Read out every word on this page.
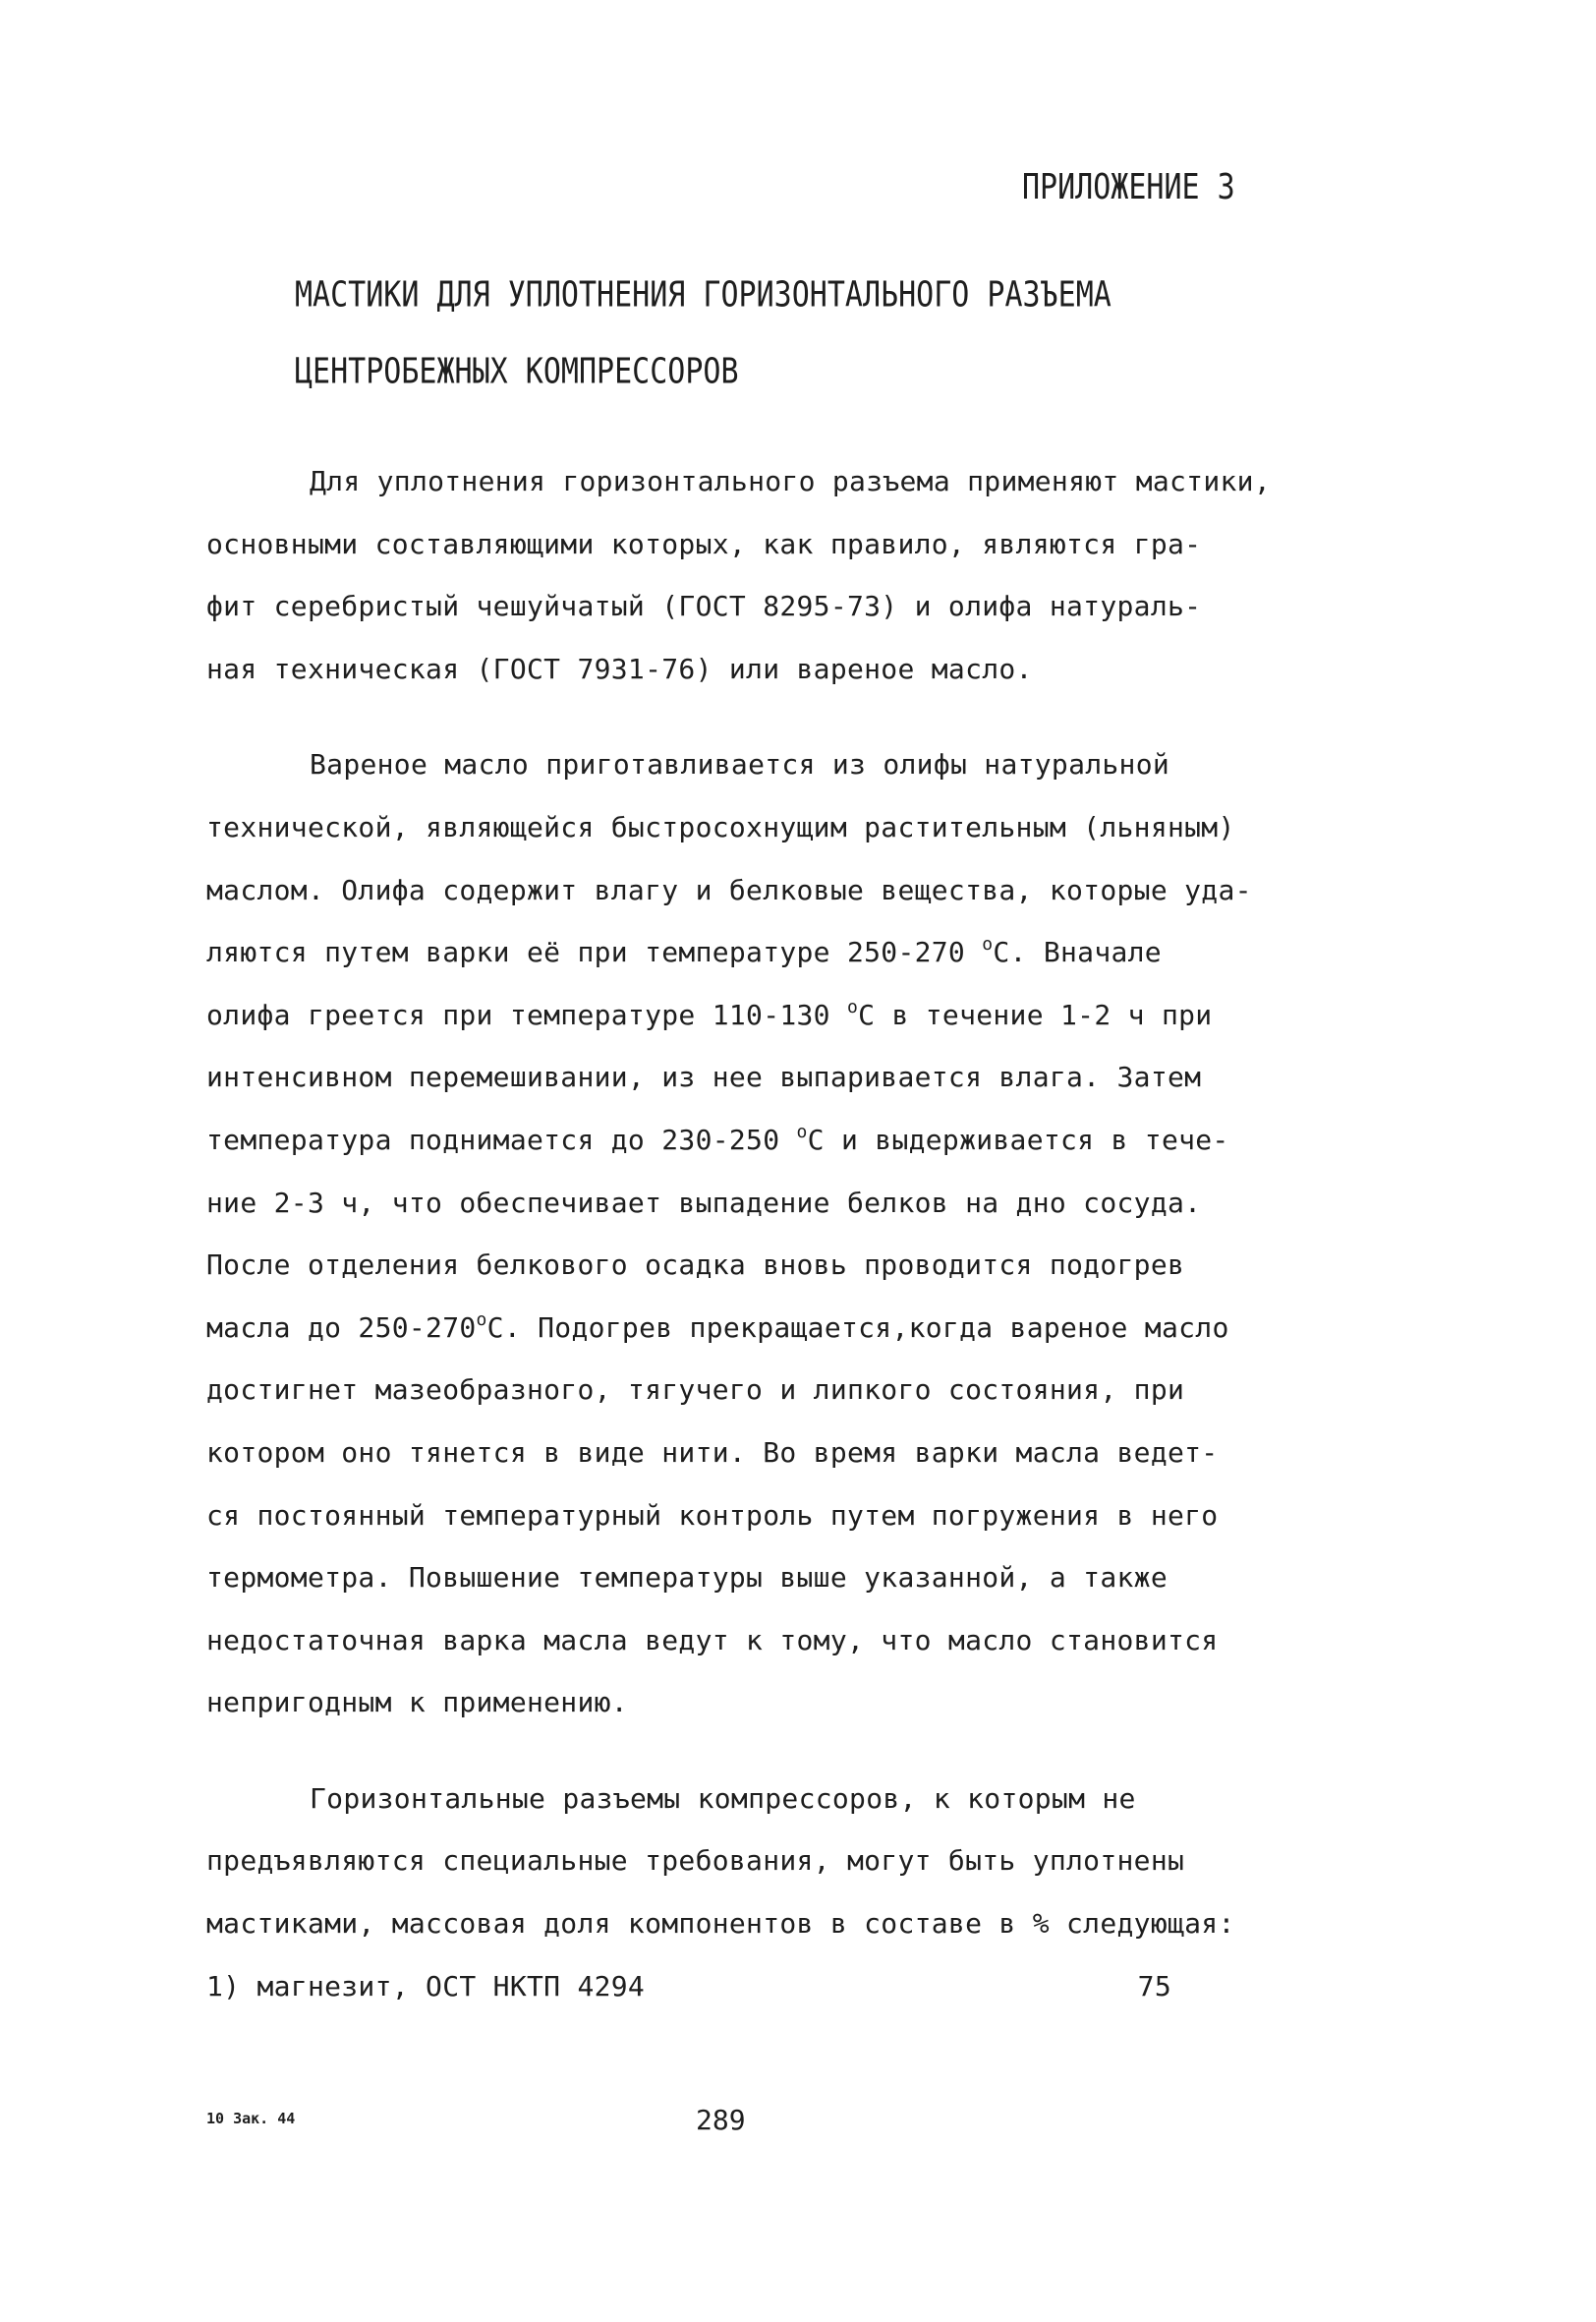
ПРИЛОЖЕНИЕ 3
МАСТИКИ ДЛЯ УПЛОТНЕНИЯ ГОРИЗОНТАЛЬНОГО РАЗЪЕМА
ЦЕНТРОБЕЖНЫХ КОМПРЕССОРОВ
Для уплотнения горизонтального разъема применяют мастики,
основными составляющими которых, как правило, являются гра-
фит серебристый чешуйчатый (ГОСТ 8295-73) и олифа натураль-
ная техническая (ГОСТ 7931-76) или вареное масло.
Вареное масло приготавливается из олифы натуральной
технической, являющейся быстросохнущим растительным (льняным)
маслом. Олифа содержит влагу и белковые вещества, которые уда-
ляются путем варки её при температуре 250-270 $^о$С. Вначале
олифа греется при температуре 110-130 $^о$С в течение 1-2 ч при
интенсивном перемешивании, из нее выпаривается влага. Затем
температура поднимается до 230-250 $^о$С и выдерживается в тече-
ние 2-3 ч, что обеспечивает выпадение белков на дно сосуда.
После отделения белкового осадка вновь проводится подогрев
масла до $250-270^оС$. Подогрев прекращается,когда вареное масло
достигнет мазеобразного, тягучего и липкого состояния, при
котором оно тянется в виде нити. Во время варки масла ведет-
ся постоянный температурный контроль путем погружения в него
термометра. Повышение температуры выше указанной, а также
недостаточная варка масла ведут к тому, что масло становится
непригодным к применению.
Горизонтальные разъемы компрессоров, к которым не
предъявляются специальные требования, могут быть уплотнены
мастиками, массовая доля компонентов в составе в % следующая:
1) магнезит, ОСТ НКТП 4294	75
10 Зак. 44	289
